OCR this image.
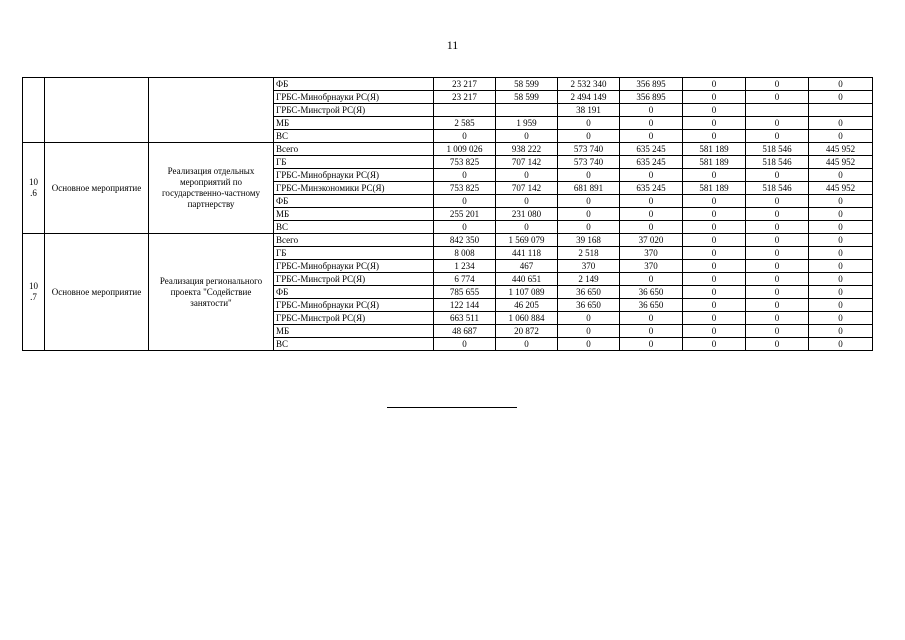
11
			ФБ	23 217	58 599	2 532 340	356 895	0	0	0
			ГРБС-Минобрнауки РС(Я)	23 217	58 599	2 494 149	356 895	0	0	0
			ГРБС-Минстрой РС(Я)			38 191	0	0		
			МБ	2 585	1 959	0	0	0	0	0
			ВС	0	0	0	0	0	0	0
10 .6	Основное мероприятие	Реализация отдельных мероприятий по государственно-частному партнерству	Всего	1 009 026	938 222	573 740	635 245	581 189	518 546	445 952
			ГБ	753 825	707 142	573 740	635 245	581 189	518 546	445 952
			ГРБС-Минобрнауки РС(Я)	0	0	0	0	0	0	0
			ГРБС-Минэкономики РС(Я)	753 825	707 142	681 891	635 245	581 189	518 546	445 952
			ФБ	0	0	0	0	0	0	0
			МБ	255 201	231 080	0	0	0	0	0
			ВС	0	0	0	0	0	0	0
10 .7	Основное мероприятие	Реализация регионального проекта "Содействие занятости"	Всего	842 350	1 569 079	39 168	37 020	0	0	0
			ГБ	8 008	441 118	2 518	370	0	0	0
			ГРБС-Минобрнауки РС(Я)	1 234	467	370	370	0	0	0
			ГРБС-Минстрой РС(Я)	6 774	440 651	2 149	0	0	0	0
			ФБ	785 655	1 107 089	36 650	36 650	0	0	0
			ГРБС-Минобрнауки РС(Я)	122 144	46 205	36 650	36 650	0	0	0
			ГРБС-Минстрой РС(Я)	663 511	1 060 884	0	0	0	0	0
			МБ	48 687	20 872	0	0	0	0	0
			ВС	0	0	0	0	0	0	0
